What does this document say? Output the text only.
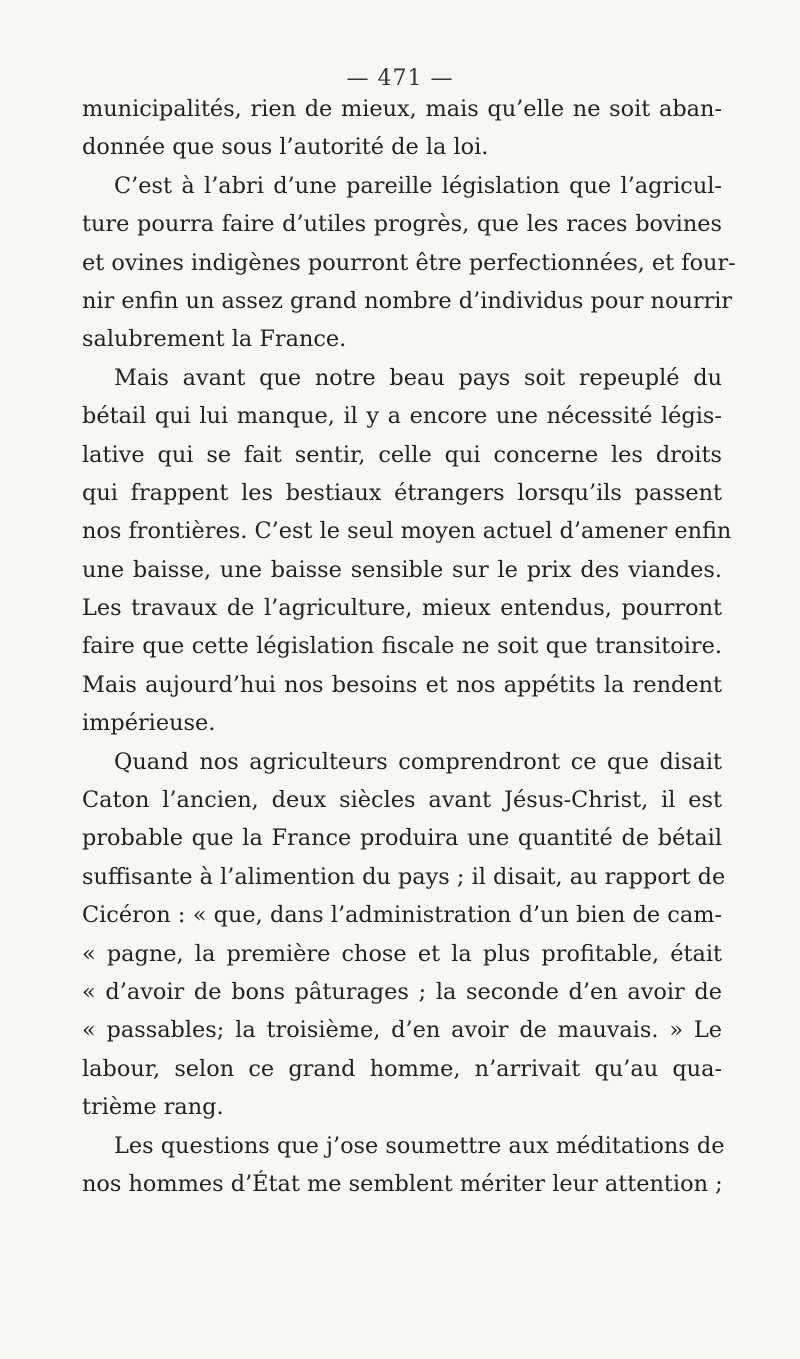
— 471 —
municipalités, rien de mieux, mais qu’elle ne soit aban-
donnée que sous l’autorité de la loi.
C’est à l’abri d’une pareille législation que l’agricul-
ture pourra faire d’utiles progrès, que les races bovines
et ovines indigènes pourront être perfectionnées, et four-
nir enfin un assez grand nombre d’individus pour nourrir
salubrement la France.
Mais avant que notre beau pays soit repeuplé du
bétail qui lui manque, il y a encore une nécessité légis-
lative qui se fait sentir, celle qui concerne les droits
qui frappent les bestiaux étrangers lorsqu’ils passent
nos frontières. C’est le seul moyen actuel d’amener enfin
une baisse, une baisse sensible sur le prix des viandes.
Les travaux de l’agriculture, mieux entendus, pourront
faire que cette législation fiscale ne soit que transitoire.
Mais aujourd’hui nos besoins et nos appétits la rendent
impérieuse.
Quand nos agriculteurs comprendront ce que disait
Caton l’ancien, deux siècles avant Jésus-Christ, il est
probable que la France produira une quantité de bétail
suffisante à l’alimention du pays ; il disait, au rapport de
Cicéron : « que, dans l’administration d’un bien de cam-
« pagne, la première chose et la plus profitable, était
« d’avoir de bons pâturages ; la seconde d’en avoir de
« passables; la troisième, d’en avoir de mauvais. » Le
labour, selon ce grand homme, n’arrivait qu’au qua-
trième rang.
Les questions que j’ose soumettre aux méditations de
nos hommes d’État me semblent mériter leur attention ;
